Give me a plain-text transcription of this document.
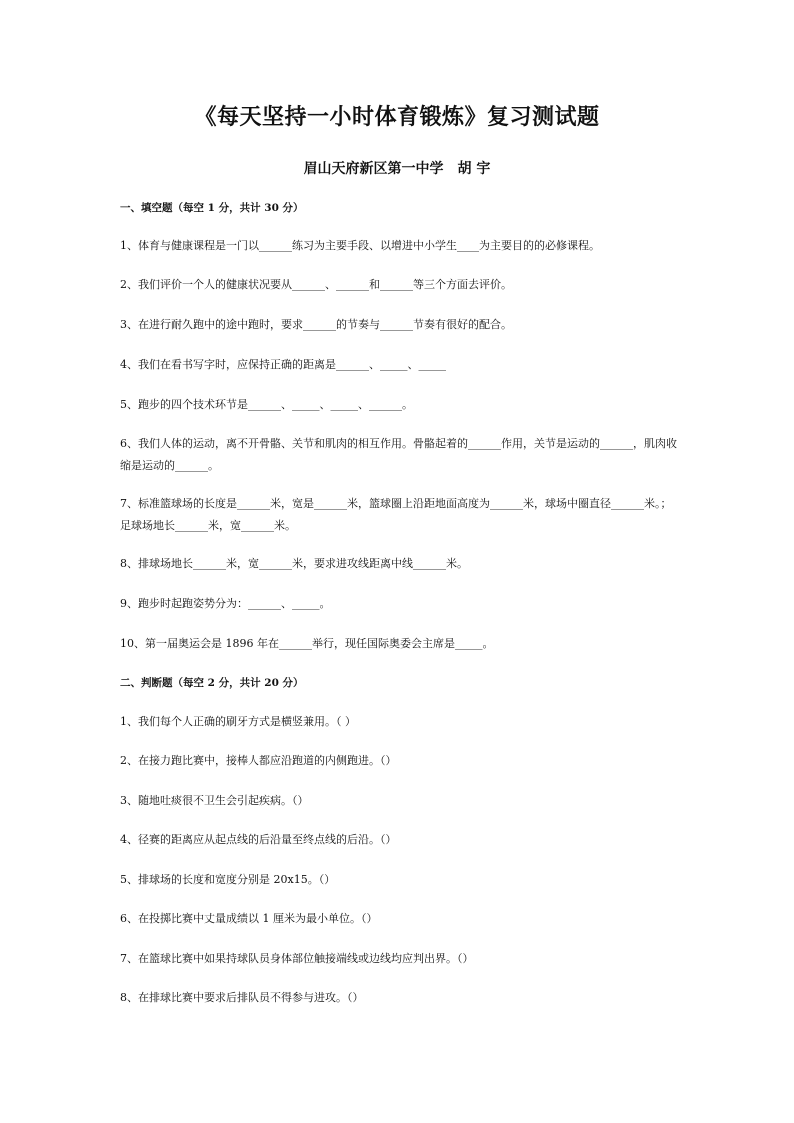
《每天坚持一小时体育锻炼》复习测试题
眉山天府新区第一中学　胡 宇
一、填空题（每空 1 分，共计 30 分）
1、体育与健康课程是一门以______练习为主要手段、以增进中小学生____为主要目的的必修课程。
2、我们评价一个人的健康状况要从______、______和______等三个方面去评价。
3、在进行耐久跑中的途中跑时，要求______的节奏与______节奏有很好的配合。
4、我们在看书写字时，应保持正确的距离是______、_____、_____
5、跑步的四个技术环节是______、_____、_____、______。
6、我们人体的运动，离不开骨骼、关节和肌肉的相互作用。骨骼起着的______作用，关节是运动的______，肌肉收缩是运动的______。
7、标准篮球场的长度是______米，宽是______米，篮球圈上沿距地面高度为______米，球场中圈直径______米。；足球场地长______米，宽______米。
8、排球场地长______米，宽______米，要求进攻线距离中线______米。
9、跑步时起跑姿势分为：______、_____。
10、第一届奥运会是 1896 年在______举行，现任国际奥委会主席是_____。
二、判断题（每空 2 分，共计 20 分）
1、我们每个人正确的刷牙方式是横竖兼用。（ ）
2、在接力跑比赛中，接棒人都应沿跑道的内侧跑进。（）
3、随地吐痰很不卫生会引起疾病。（）
4、径赛的距离应从起点线的后沿量至终点线的后沿。（）
5、排球场的长度和宽度分别是 20x15。（）
6、在投掷比赛中丈量成绩以 1 厘米为最小单位。（）
7、在篮球比赛中如果持球队员身体部位触接端线或边线均应判出界。（）
8、在排球比赛中要求后排队员不得参与进攻。（）
